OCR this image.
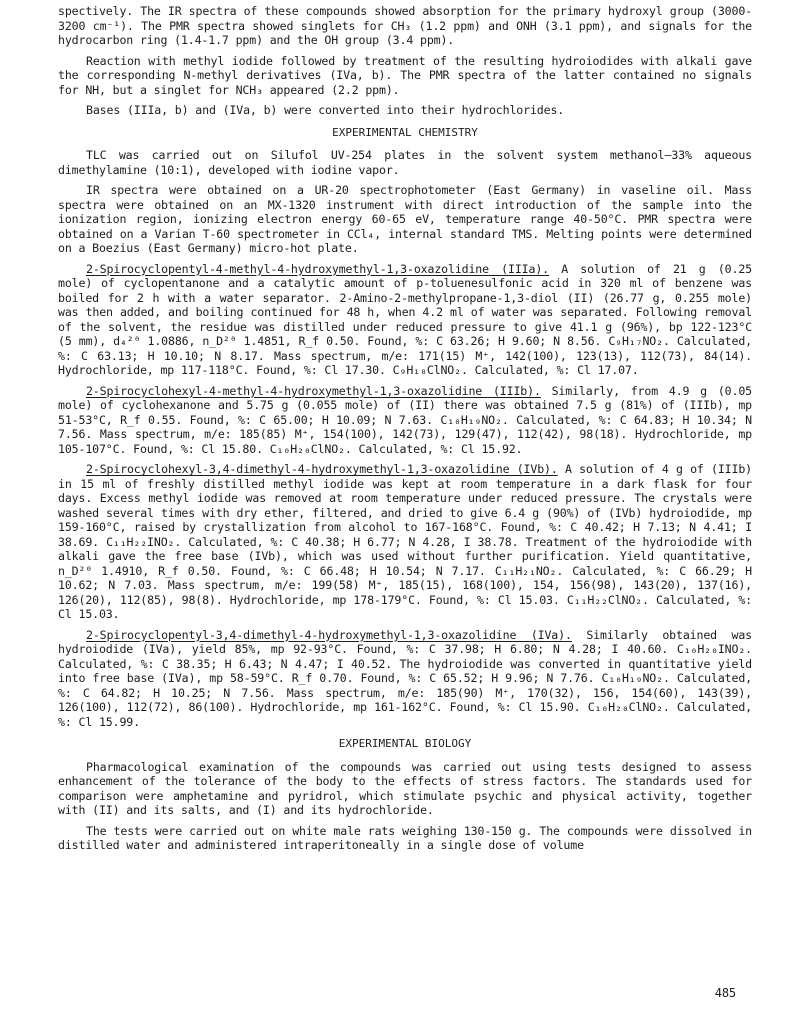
spectively. The IR spectra of these compounds showed absorption for the primary hydroxyl group (3000-3200 cm⁻¹). The PMR spectra showed singlets for CH₃ (1.2 ppm) and ONH (3.1 ppm), and signals for the hydrocarbon ring (1.4-1.7 ppm) and the OH group (3.4 ppm).

Reaction with methyl iodide followed by treatment of the resulting hydroiodides with alkali gave the corresponding N-methyl derivatives (IVa, b). The PMR spectra of the latter contained no signals for NH, but a singlet for NCH₃ appeared (2.2 ppm).

Bases (IIIa, b) and (IVa, b) were converted into their hydrochlorides.

EXPERIMENTAL CHEMISTRY

TLC was carried out on Silufol UV-254 plates in the solvent system methanol—33% aqueous dimethylamine (10:1), developed with iodine vapor.

IR spectra were obtained on a UR-20 spectrophotometer (East Germany) in vaseline oil. Mass spectra were obtained on an MX-1320 instrument with direct introduction of the sample into the ionization region, ionizing electron energy 60-65 eV, temperature range 40-50°C. PMR spectra were obtained on a Varian T-60 spectrometer in CCl₄, internal standard TMS. Melting points were determined on a Boezius (East Germany) micro-hot plate.

2-Spirocyclopentyl-4-methyl-4-hydroxymethyl-1,3-oxazolidine (IIIa). A solution of 21 g (0.25 mole) of cyclopentanone and a catalytic amount of p-toluenesulfonic acid in 320 ml of benzene was boiled for 2 h with a water separator. 2-Amino-2-methylpropane-1,3-diol (II) (26.77 g, 0.255 mole) was then added, and boiling continued for 48 h, when 4.2 ml of water was separated. Following removal of the solvent, the residue was distilled under reduced pressure to give 41.1 g (96%), bp 122-123°C (5 mm), d₄²⁰ 1.0886, n_D²⁰ 1.4851, R_f 0.50. Found, %: C 63.26; H 9.60; N 8.56. C₉H₁₇NO₂. Calculated, %: C 63.13; H 10.10; N 8.17. Mass spectrum, m/e: 171(15) M⁺, 142(100), 123(13), 112(73), 84(14). Hydrochloride, mp 117-118°C. Found, %: Cl 17.30. C₉H₁₈ClNO₂. Calculated, %: Cl 17.07.

2-Spirocyclohexyl-4-methyl-4-hydroxymethyl-1,3-oxazolidine (IIIb). Similarly, from 4.9 g (0.05 mole) of cyclohexanone and 5.75 g (0.055 mole) of (II) there was obtained 7.5 g (81%) of (IIIb), mp 51-53°C, R_f 0.55. Found, %: C 65.00; H 10.09; N 7.63. C₁₀H₁₉NO₂. Calculated, %: C 64.83; H 10.34; N 7.56. Mass spectrum, m/e: 185(85) M⁺, 154(100), 142(73), 129(47), 112(42), 98(18). Hydrochloride, mp 105-107°C. Found, %: Cl 15.80. C₁₀H₂₀ClNO₂. Calculated, %: Cl 15.92.

2-Spirocyclohexyl-3,4-dimethyl-4-hydroxymethyl-1,3-oxazolidine (IVb). A solution of 4 g of (IIIb) in 15 ml of freshly distilled methyl iodide was kept at room temperature in a dark flask for four days. Excess methyl iodide was removed at room temperature under reduced pressure. The crystals were washed several times with dry ether, filtered, and dried to give 6.4 g (90%) of (IVb) hydroiodide, mp 159-160°C, raised by crystallization from alcohol to 167-168°C. Found, %: C 40.42; H 7.13; N 4.41; I 38.69. C₁₁H₂₂INO₂. Calculated, %: C 40.38; H 6.77; N 4.28, I 38.78. Treatment of the hydroiodide with alkali gave the free base (IVb), which was used without further purification. Yield quantitative, n_D²⁰ 1.4910, R_f 0.50. Found, %: C 66.48; H 10.54; N 7.17. C₁₁H₂₁NO₂. Calculated, %: C 66.29; H 10.62; N 7.03. Mass spectrum, m/e: 199(58) M⁺, 185(15), 168(100), 154, 156(98), 143(20), 137(16), 126(20), 112(85), 98(8). Hydrochloride, mp 178-179°C. Found, %: Cl 15.03. C₁₁H₂₂ClNO₂. Calculated, %: Cl 15.03.

2-Spirocyclopentyl-3,4-dimethyl-4-hydroxymethyl-1,3-oxazolidine (IVa). Similarly obtained was hydroiodide (IVa), yield 85%, mp 92-93°C. Found, %: C 37.98; H 6.80; N 4.28; I 40.60. C₁₀H₂₀INO₂. Calculated, %: C 38.35; H 6.43; N 4.47; I 40.52. The hydroiodide was converted in quantitative yield into free base (IVa), mp 58-59°C. R_f 0.70. Found, %: C 65.52; H 9.96; N 7.76. C₁₀H₁₉NO₂. Calculated, %: C 64.82; H 10.25; N 7.56. Mass spectrum, m/e: 185(90) M⁺, 170(32), 156, 154(60), 143(39), 126(100), 112(72), 86(100). Hydrochloride, mp 161-162°C. Found, %: Cl 15.90. C₁₀H₂₀ClNO₂. Calculated, %: Cl 15.99.

EXPERIMENTAL BIOLOGY

Pharmacological examination of the compounds was carried out using tests designed to assess enhancement of the tolerance of the body to the effects of stress factors. The standards used for comparison were amphetamine and pyridrol, which stimulate psychic and physical activity, together with (II) and its salts, and (I) and its hydrochloride.

The tests were carried out on white male rats weighing 130-150 g. The compounds were dissolved in distilled water and administered intraperitoneally in a single dose of volume

485
